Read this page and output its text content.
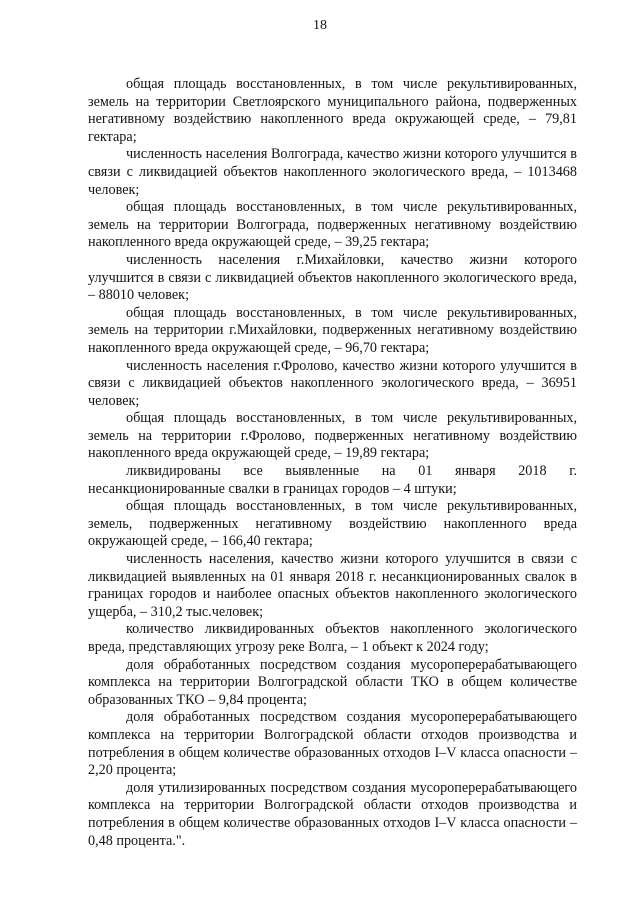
18

общая площадь восстановленных, в том числе рекультивированных, земель на территории Светлоярского муниципального района, подверженных негативному воздействию накопленного вреда окружающей среде, – 79,81 гектара;

численность населения Волгограда, качество жизни которого улучшится в связи с ликвидацией объектов накопленного экологического вреда, – 1013468 человек;

общая площадь восстановленных, в том числе рекультивированных, земель на территории Волгограда, подверженных негативному воздействию накопленного вреда окружающей среде, – 39,25 гектара;

численность населения г.Михайловки, качество жизни которого улучшится в связи с ликвидацией объектов накопленного экологического вреда, – 88010 человек;

общая площадь восстановленных, в том числе рекультивированных, земель на территории г.Михайловки, подверженных негативному воздействию накопленного вреда окружающей среде, – 96,70 гектара;

численность населения г.Фролово, качество жизни которого улучшится в связи с ликвидацией объектов накопленного экологического вреда, – 36951 человек;

общая площадь восстановленных, в том числе рекультивированных, земель на территории г.Фролово, подверженных негативному воздействию накопленного вреда окружающей среде, – 19,89 гектара;

ликвидированы все выявленные на 01 января 2018 г. несанкционированные свалки в границах городов – 4 штуки;

общая площадь восстановленных, в том числе рекультивированных, земель, подверженных негативному воздействию накопленного вреда окружающей среде, – 166,40 гектара;

численность населения, качество жизни которого улучшится в связи с ликвидацией выявленных на 01 января 2018 г. несанкционированных свалок в границах городов и наиболее опасных объектов накопленного экологического ущерба, – 310,2 тыс.человек;

количество ликвидированных объектов накопленного экологического вреда, представляющих угрозу реке Волга, – 1 объект к 2024 году;

доля обработанных посредством создания мусороперерабатывающего комплекса на территории Волгоградской области ТКО в общем количестве образованных ТКО – 9,84 процента;

доля обработанных посредством создания мусороперерабатывающего комплекса на территории Волгоградской области отходов производства и потребления в общем количестве образованных отходов I–V класса опасности – 2,20 процента;

доля утилизированных посредством создания мусороперерабатывающего комплекса на территории Волгоградской области отходов производства и потребления в общем количестве образованных отходов I–V класса опасности – 0,48 процента.".
